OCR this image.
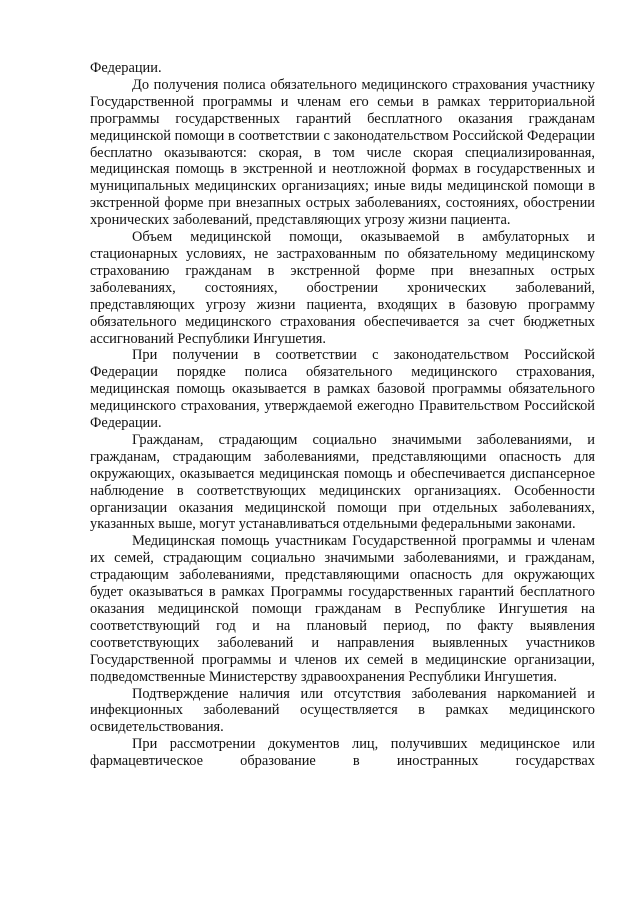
Федерации.

До получения полиса обязательного медицинского страхования участнику Государственной программы и членам его семьи в рамках территориальной программы государственных гарантий бесплатного оказания гражданам медицинской помощи в соответствии с законодательством Российской Федерации бесплатно оказываются: скорая, в том числе скорая специализированная, медицинская помощь в экстренной и неотложной формах в государственных и муниципальных медицинских организациях; иные виды медицинской помощи в экстренной форме при внезапных острых заболеваниях, состояниях, обострении хронических заболеваний, представляющих угрозу жизни пациента.

Объем медицинской помощи, оказываемой в амбулаторных и стационарных условиях, не застрахованным по обязательному медицинскому страхованию гражданам в экстренной форме при внезапных острых заболеваниях, состояниях, обострении хронических заболеваний, представляющих угрозу жизни пациента, входящих в базовую программу обязательного медицинского страхования обеспечивается за счет бюджетных ассигнований Республики Ингушетия.

При получении в соответствии с законодательством Российской Федерации порядке полиса обязательного медицинского страхования, медицинская помощь оказывается в рамках базовой программы обязательного медицинского страхования, утверждаемой ежегодно Правительством Российской Федерации.

Гражданам, страдающим социально значимыми заболеваниями, и гражданам, страдающим заболеваниями, представляющими опасность для окружающих, оказывается медицинская помощь и обеспечивается диспансерное наблюдение в соответствующих медицинских организациях. Особенности организации оказания медицинской помощи при отдельных заболеваниях, указанных выше, могут устанавливаться отдельными федеральными законами.

Медицинская помощь участникам Государственной программы и членам их семей, страдающим социально значимыми заболеваниями, и гражданам, страдающим заболеваниями, представляющими опасность для окружающих будет оказываться в рамках Программы государственных гарантий бесплатного оказания медицинской помощи гражданам в Республике Ингушетия на соответствующий год и на плановый период, по факту выявления соответствующих заболеваний и направления выявленных участников Государственной программы и членов их семей в медицинские организации, подведомственные Министерству здравоохранения Республики Ингушетия.

Подтверждение наличия или отсутствия заболевания наркоманией и инфекционных заболеваний осуществляется в рамках медицинского освидетельствования.

При рассмотрении документов лиц, получивших медицинское или фармацевтическое образование в иностранных государствах
